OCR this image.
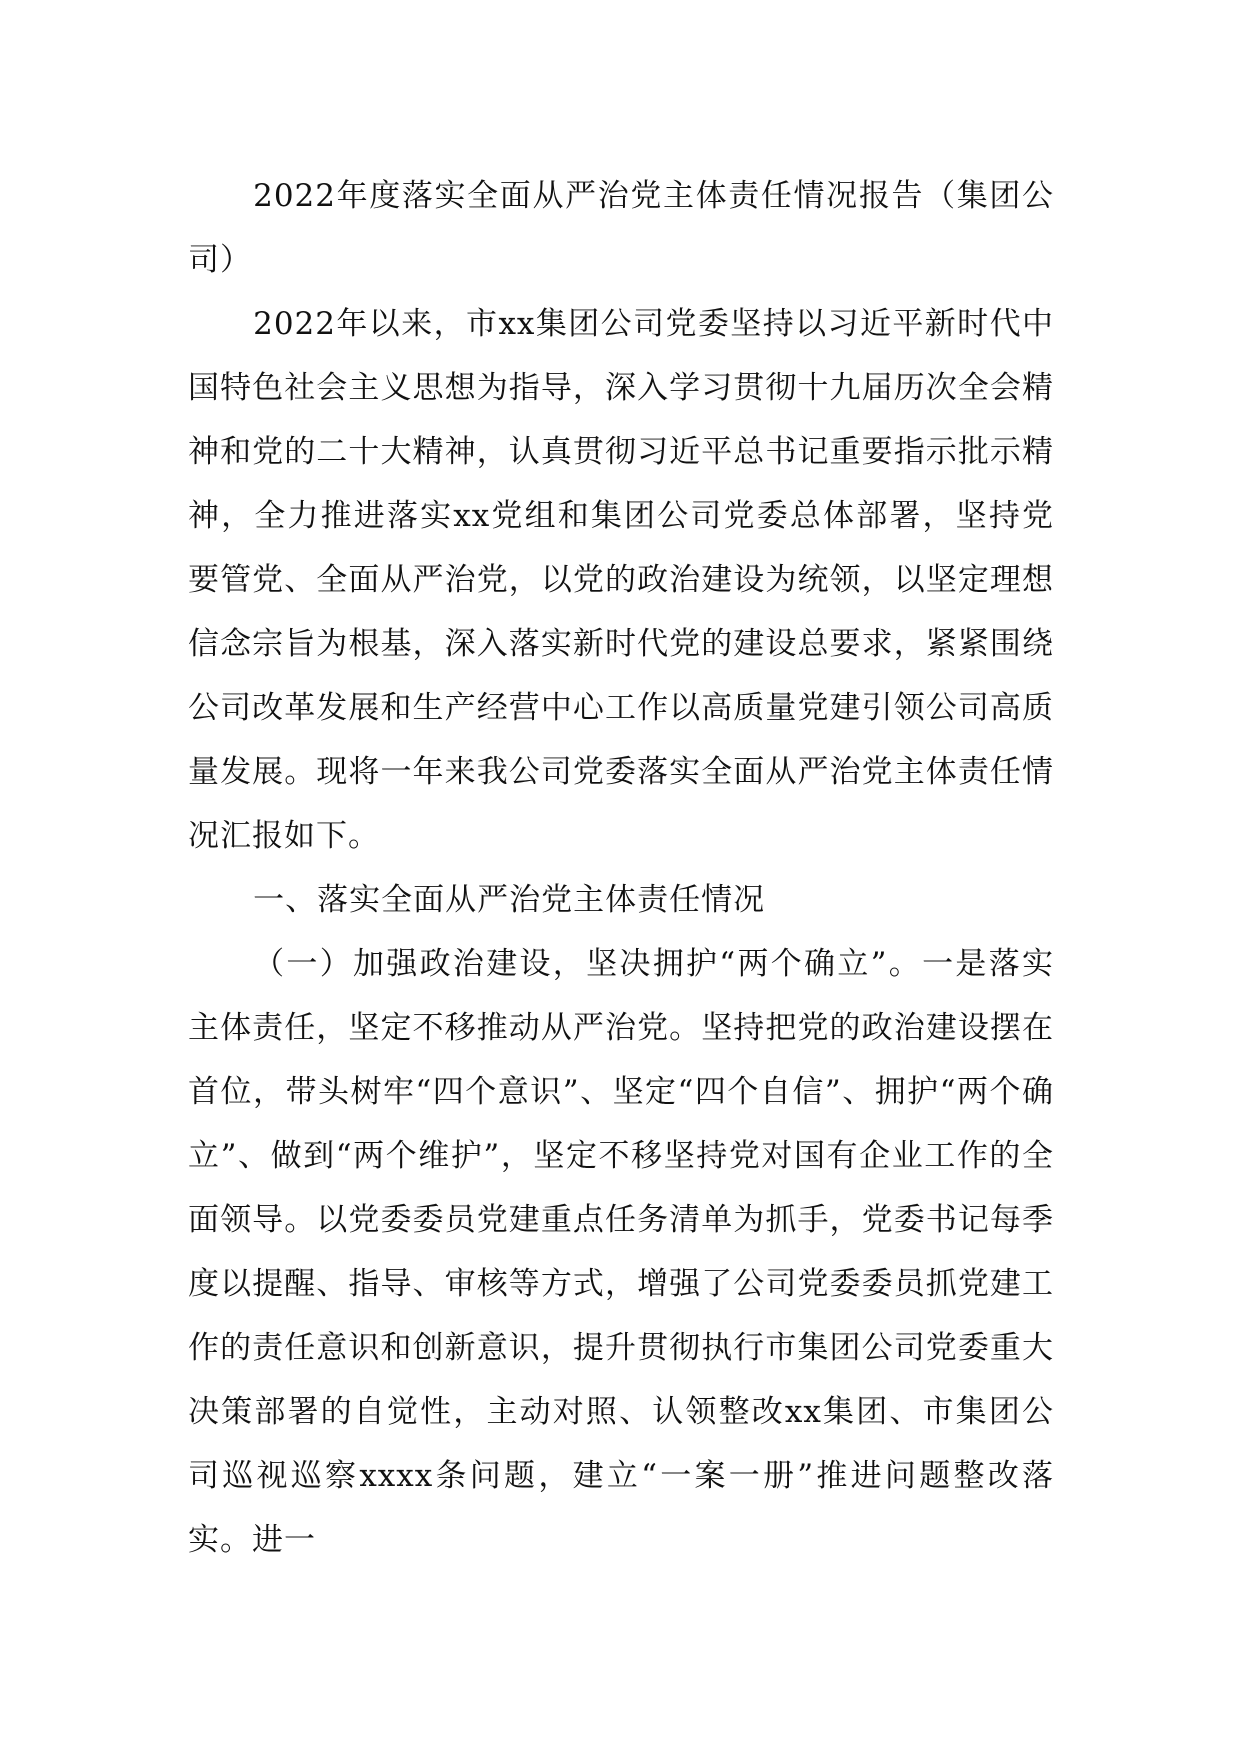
2022年度落实全面从严治党主体责任情况报告（集团公司）

2022年以来，市xx集团公司党委坚持以习近平新时代中国特色社会主义思想为指导，深入学习贯彻十九届历次全会精神和党的二十大精神，认真贯彻习近平总书记重要指示批示精神，全力推进落实xx党组和集团公司党委总体部署，坚持党要管党、全面从严治党，以党的政治建设为统领，以坚定理想信念宗旨为根基，深入落实新时代党的建设总要求，紧紧围绕公司改革发展和生产经营中心工作以高质量党建引领公司高质量发展。现将一年来我公司党委落实全面从严治党主体责任情况汇报如下。

一、落实全面从严治党主体责任情况

（一）加强政治建设，坚决拥护“两个确立”。一是落实主体责任，坚定不移推动从严治党。坚持把党的政治建设摆在首位，带头树牢“四个意识”、坚定“四个自信”、拥护“两个确立”、做到“两个维护”，坚定不移坚持党对国有企业工作的全面领导。以党委委员党建重点任务清单为抓手，党委书记每季度以提醒、指导、审核等方式，增强了公司党委委员抓党建工作的责任意识和创新意识，提升贯彻执行市集团公司党委重大决策部署的自觉性，主动对照、认领整改xx集团、市集团公司巡视巡察xxxx条问题，建立“一案一册”推进问题整改落实。进一
